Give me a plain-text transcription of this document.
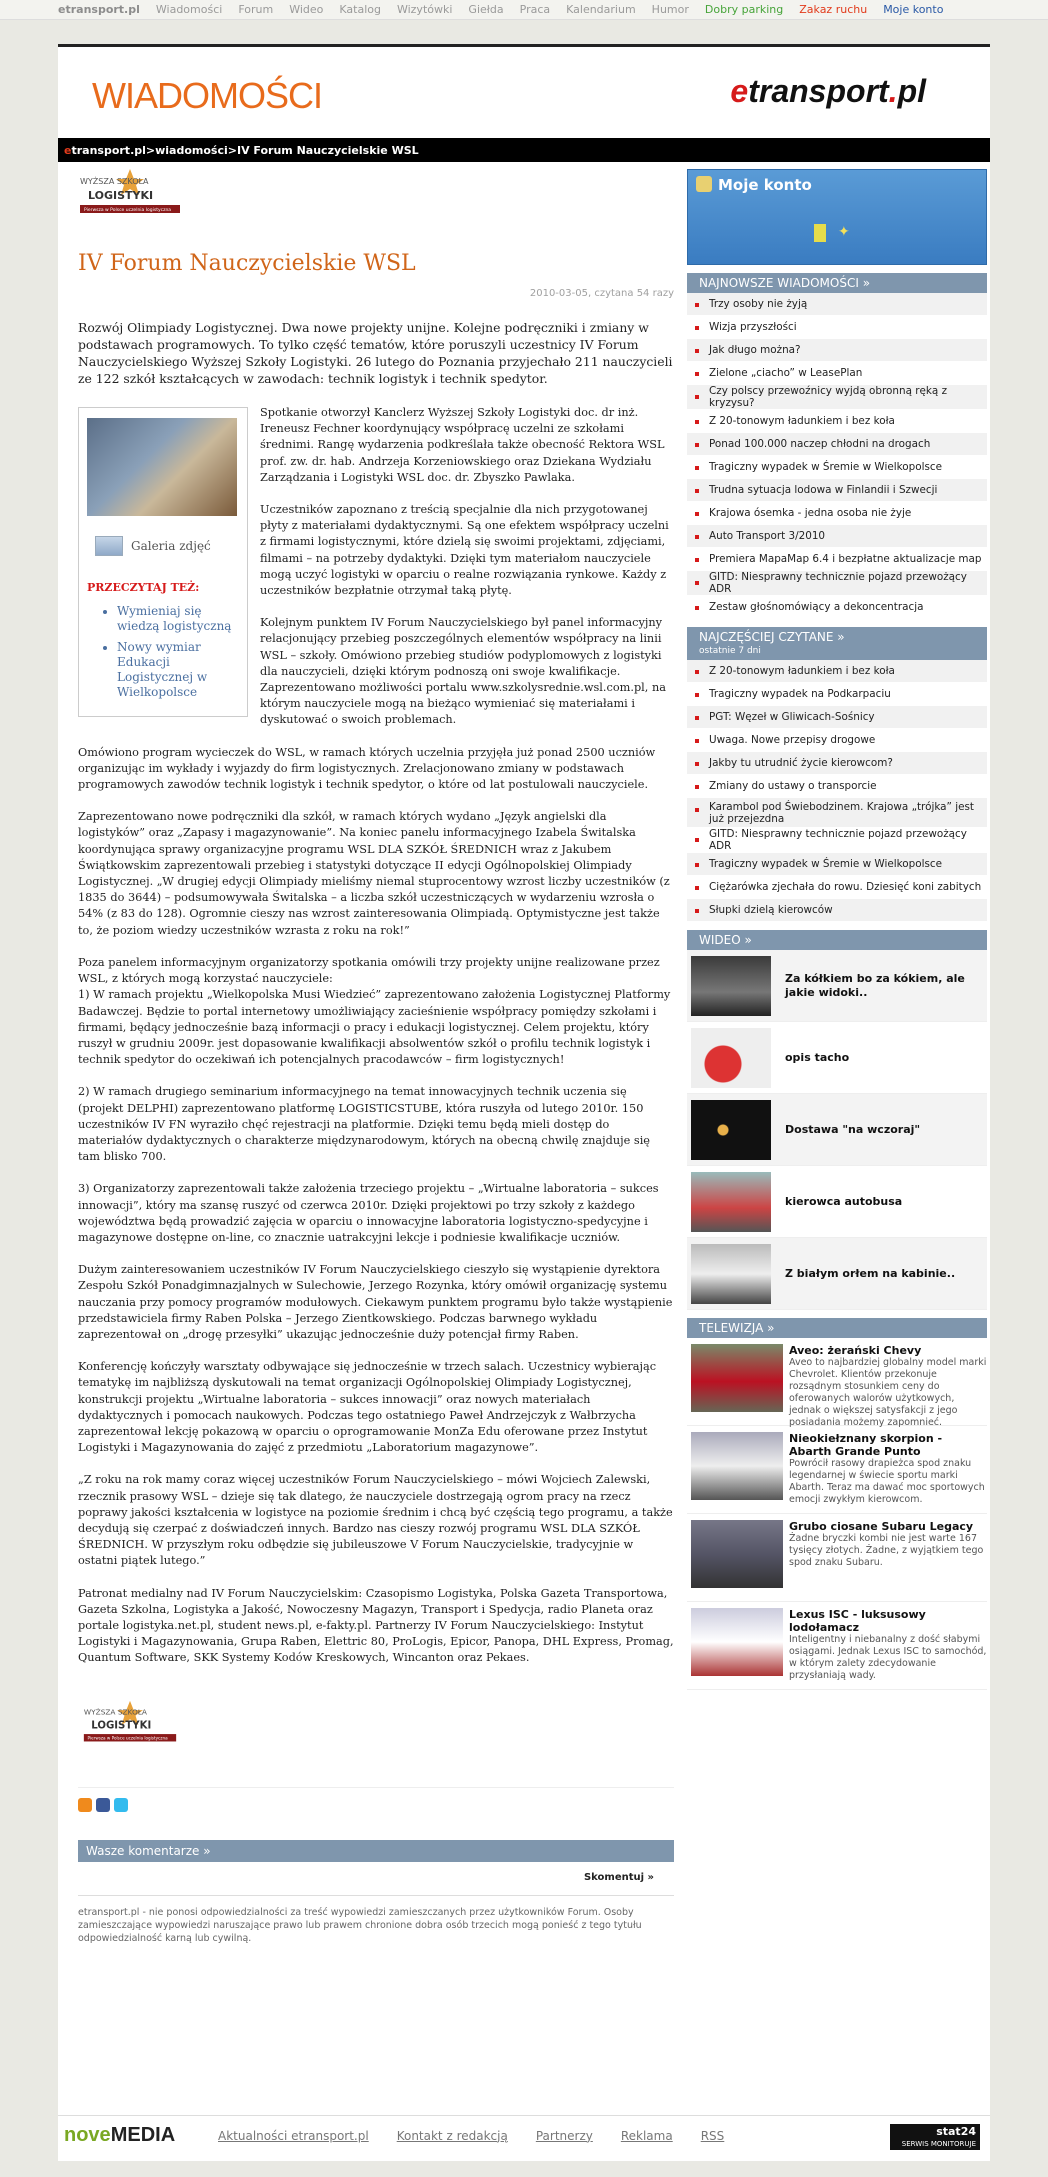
etransport.pl Wiadomości Forum Wideo Katalog Wizytówki Giełda Praca Kalendarium Humor Dobry parking Zakaz ruchu Moje konto
WIADOMOŚCI	etransport.pl
etransport.pl > wiadomości > IV Forum Nauczycielskie WSL
WYŻSZA SZKOŁA
LOGISTYKI
Pierwsza w Polsce uczelnia logistyczna
IV Forum Nauczycielskie WSL
2010-03-05, czytana 54 razy
Rozwój Olimpiady Logistycznej. Dwa nowe projekty unijne. Kolejne podręczniki i zmiany w podstawach programowych. To tylko część tematów, które poruszyli uczestnicy IV Forum Nauczycielskiego Wyższej Szkoły Logistyki. 26 lutego do Poznania przyjechało 211 nauczycieli ze 122 szkół kształcących w zawodach: technik logistyk i technik spedytor.
Galeria zdjęć
PRZECZYTAJ TEŻ:
• Wymieniaj się wiedzą logistyczną
• Nowy wymiar Edukacji Logistycznej w Wielkopolsce

Spotkanie otworzył Kanclerz Wyższej Szkoły Logistyki doc. dr inż. Ireneusz Fechner koordynujący współpracę uczelni ze szkołami średnimi. Rangę wydarzenia podkreślała także obecność Rektora WSL prof. zw. dr. hab. Andrzeja Korzeniowskiego oraz Dziekana Wydziału Zarządzania i Logistyki WSL doc. dr. Zbyszko Pawlaka.

Uczestników zapoznano z treścią specjalnie dla nich przygotowanej płyty z materiałami dydaktycznymi. Są one efektem współpracy uczelni z firmami logistycznymi, które dzielą się swoimi projektami, zdjęciami, filmami – na potrzeby dydaktyki. Dzięki tym materiałom nauczyciele mogą uczyć logistyki w oparciu o realne rozwiązania rynkowe. Każdy z uczestników bezpłatnie otrzymał taką płytę.

Kolejnym punktem IV Forum Nauczycielskiego był panel informacyjny relacjonujący przebieg poszczególnych elementów współpracy na linii WSL – szkoły. Omówiono przebieg studiów podyplomowych z logistyki dla nauczycieli, dzięki którym podnoszą oni swoje kwalifikacje. Zaprezentowano możliwości portalu www.szkolysrednie.wsl.com.pl, na którym nauczyciele mogą na bieżąco wymieniać się materiałami i dyskutować o swoich problemach.

Omówiono program wycieczek do WSL, w ramach których uczelnia przyjęła już ponad 2500 uczniów organizując im wykłady i wyjazdy do firm logistycznych. Zrelacjonowano zmiany w podstawach programowych zawodów technik logistyk i technik spedytor, o które od lat postulowali nauczyciele.

Zaprezentowano nowe podręczniki dla szkół, w ramach których wydano „Język angielski dla logistyków” oraz „Zapasy i magazynowanie”. Na koniec panelu informacyjnego Izabela Świtalska koordynująca sprawy organizacyjne programu WSL DLA SZKÓŁ ŚREDNICH wraz z Jakubem Świątkowskim zaprezentowali przebieg i statystyki dotyczące II edycji Ogólnopolskiej Olimpiady Logistycznej. „W drugiej edycji Olimpiady mieliśmy niemal stuprocentowy wzrost liczby uczestników (z 1835 do 3644) – podsumowywała Świtalska – a liczba szkół uczestniczących w wydarzeniu wzrosła o 54% (z 83 do 128). Ogromnie cieszy nas wzrost zainteresowania Olimpiadą. Optymistyczne jest także to, że poziom wiedzy uczestników wzrasta z roku na rok!”

Poza panelem informacyjnym organizatorzy spotkania omówili trzy projekty unijne realizowane przez WSL, z których mogą korzystać nauczyciele:
1) W ramach projektu „Wielkopolska Musi Wiedzieć” zaprezentowano założenia Logistycznej Platformy Badawczej. Będzie to portal internetowy umożliwiający zacieśnienie współpracy pomiędzy szkołami i firmami, będący jednocześnie bazą informacji o pracy i edukacji logistycznej. Celem projektu, który ruszył w grudniu 2009r. jest dopasowanie kwalifikacji absolwentów szkół o profilu technik logistyk i technik spedytor do oczekiwań ich potencjalnych pracodawców – firm logistycznych!

2) W ramach drugiego seminarium informacyjnego na temat innowacyjnych technik uczenia się (projekt DELPHI) zaprezentowano platformę LOGISTICSTUBE, która ruszyła od lutego 2010r. 150 uczestników IV FN wyraziło chęć rejestracji na platformie. Dzięki temu będą mieli dostęp do materiałów dydaktycznych o charakterze międzynarodowym, których na obecną chwilę znajduje się tam blisko 700.

3) Organizatorzy zaprezentowali także założenia trzeciego projektu – „Wirtualne laboratoria – sukces innowacji”, który ma szansę ruszyć od czerwca 2010r. Dzięki projektowi po trzy szkoły z każdego województwa będą prowadzić zajęcia w oparciu o innowacyjne laboratoria logistyczno-spedycyjne i magazynowe dostępne on-line, co znacznie uatrakcyjni lekcje i podniesie kwalifikacje uczniów.

Dużym zainteresowaniem uczestników IV Forum Nauczycielskiego cieszyło się wystąpienie dyrektora Zespołu Szkół Ponadgimnazjalnych w Sulechowie, Jerzego Rozynka, który omówił organizację systemu nauczania przy pomocy programów modułowych. Ciekawym punktem programu było także wystąpienie przedstawiciela firmy Raben Polska – Jerzego Zientkowskiego. Podczas barwnego wykładu zaprezentował on „drogę przesyłki” ukazując jednocześnie duży potencjał firmy Raben.

Konferencję kończyły warsztaty odbywające się jednocześnie w trzech salach. Uczestnicy wybierając tematykę im najbliższą dyskutowali na temat organizacji Ogólnopolskiej Olimpiady Logistycznej, konstrukcji projektu „Wirtualne laboratoria – sukces innowacji” oraz nowych materiałach dydaktycznych i pomocach naukowych. Podczas tego ostatniego Paweł Andrzejczyk z Wałbrzycha zaprezentował lekcję pokazową w oparciu o oprogramowanie MonZa Edu oferowane przez Instytut Logistyki i Magazynowania do zajęć z przedmiotu „Laboratorium magazynowe”.

„Z roku na rok mamy coraz więcej uczestników Forum Nauczycielskiego – mówi Wojciech Zalewski, rzecznik prasowy WSL – dzieje się tak dlatego, że nauczyciele dostrzegają ogrom pracy na rzecz poprawy jakości kształcenia w logistyce na poziomie średnim i chcą być częścią tego programu, a także decydują się czerpać z doświadczeń innych. Bardzo nas cieszy rozwój programu WSL DLA SZKÓŁ ŚREDNICH. W przyszłym roku odbędzie się jubileuszowe V Forum Nauczycielskie, tradycyjnie w ostatni piątek lutego.”

Patronat medialny nad IV Forum Nauczycielskim: Czasopismo Logistyka, Polska Gazeta Transportowa, Gazeta Szkolna, Logistyka a Jakość, Nowoczesny Magazyn, Transport i Spedycja, radio Planeta oraz portale logistyka.net.pl, student news.pl, e-fakty.pl. Partnerzy IV Forum Nauczycielskiego: Instytut Logistyki i Magazynowania, Grupa Raben, Elettric 80, ProLogis, Epicor, Panopa, DHL Express, Promag, Quantum Software, SKK Systemy Kodów Kreskowych, Wincanton oraz Pekaes.

WYŻSZA SZKOŁA
LOGISTYKI
Pierwsza w Polsce uczelnia logistyczna
Wasze komentarze »
Skomentuj »
etransport.pl - nie ponosi odpowiedzialności za treść wypowiedzi zamieszczanych przez użytkowników Forum. Osoby zamieszczające wypowiedzi naruszające prawo lub prawem chronione dobra osób trzecich mogą ponieść z tego tytułu odpowiedzialność karną lub cywilną.
Moje konto
✦
NAJNOWSZE WIADOMOŚCI »
Trzy osoby nie żyją
Wizja przyszłości
Jak długo można?
Zielone „ciacho” w LeasePlan
Czy polscy przewoźnicy wyjdą obronną ręką z kryzysu?
Z 20-tonowym ładunkiem i bez koła
Ponad 100.000 naczep chłodni na drogach
Tragiczny wypadek w Śremie w Wielkopolsce
Trudna sytuacja lodowa w Finlandii i Szwecji
Krajowa ósemka - jedna osoba nie żyje
Auto Transport 3/2010
Premiera MapaMap 6.4 i bezpłatne aktualizacje map
GITD: Niesprawny technicznie pojazd przewożący ADR
Zestaw głośnomówiący a dekoncentracja
NAJCZĘŚCIEJ CZYTANE »
ostatnie 7 dni
Z 20-tonowym ładunkiem i bez koła
Tragiczny wypadek na Podkarpaciu
PGT: Węzeł w Gliwicach-Sośnicy
Uwaga. Nowe przepisy drogowe
Jakby tu utrudnić życie kierowcom?
Zmiany do ustawy o transporcie
Karambol pod Świebodzinem. Krajowa „trójka” jest już przejezdna
GITD: Niesprawny technicznie pojazd przewożący ADR
Tragiczny wypadek w Śremie w Wielkopolsce
Ciężarówka zjechała do rowu. Dziesięć koni zabitych
Słupki dzielą kierowców
WIDEO »
Za kółkiem bo za kókiem, ale jakie widoki..
opis tacho
Dostawa "na wczoraj"
kierowca autobusa
Z białym orłem na kabinie..
TELEWIZJA »
Aveo: żerański Chevy
Aveo to najbardziej globalny model marki Chevrolet. Klientów przekonuje rozsądnym stosunkiem ceny do oferowanych walorów użytkowych, jednak o większej satysfakcji z jego posiadania możemy zapomnieć.
Nieokiełznany skorpion - Abarth Grande Punto
Powrócił rasowy drapieżca spod znaku legendarnej w świecie sportu marki Abarth. Teraz ma dawać moc sportowych emocji zwykłym kierowcom.
Grubo ciosane Subaru Legacy
Żadne bryczki kombi nie jest warte 167 tysięcy złotych. Żadne, z wyjątkiem tego spod znaku Subaru.
Lexus ISC - luksusowy lodołamacz
Inteligentny i niebanalny z dość słabymi osiągami. Jednak Lexus ISC to samochód, w którym zalety zdecydowanie przysłaniają wady.
noveMEDIA	Aktualności etransport.pl Kontakt z redakcją Partnerzy Reklama RSS	stat24
SERWIS MONITORUJE
